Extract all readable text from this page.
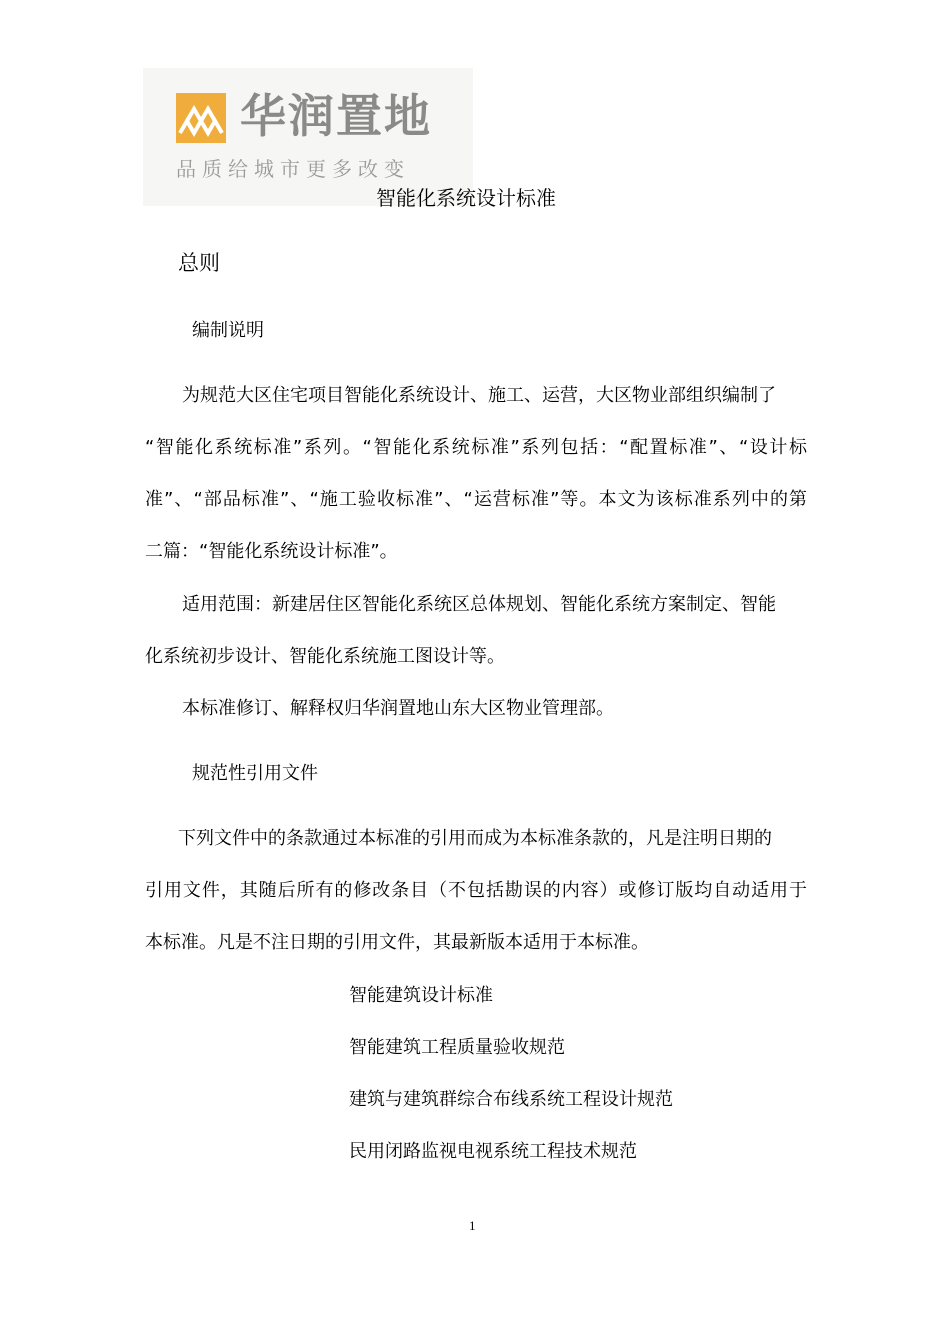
华润置地
品质给城市更多改变
智能化系统设计标准
总则
编制说明
为规范大区住宅项目智能化系统设计、施工、运营，大区物业部组织编制了
“智能化系统标准”系列。“智能化系统标准”系列包括：“配置标准”、“设计标
准”、“部品标准”、“施工验收标准”、“运营标准”等。本文为该标准系列中的第
二篇：“智能化系统设计标准”。
适用范围：新建居住区智能化系统区总体规划、智能化系统方案制定、智能
化系统初步设计、智能化系统施工图设计等。
本标准修订、解释权归华润置地山东大区物业管理部。
规范性引用文件
下列文件中的条款通过本标准的引用而成为本标准条款的，凡是注明日期的
引用文件，其随后所有的修改条目（不包括勘误的内容）或修订版均自动适用于
本标准。凡是不注日期的引用文件，其最新版本适用于本标准。
智能建筑设计标准
智能建筑工程质量验收规范
建筑与建筑群综合布线系统工程设计规范
民用闭路监视电视系统工程技术规范
1
